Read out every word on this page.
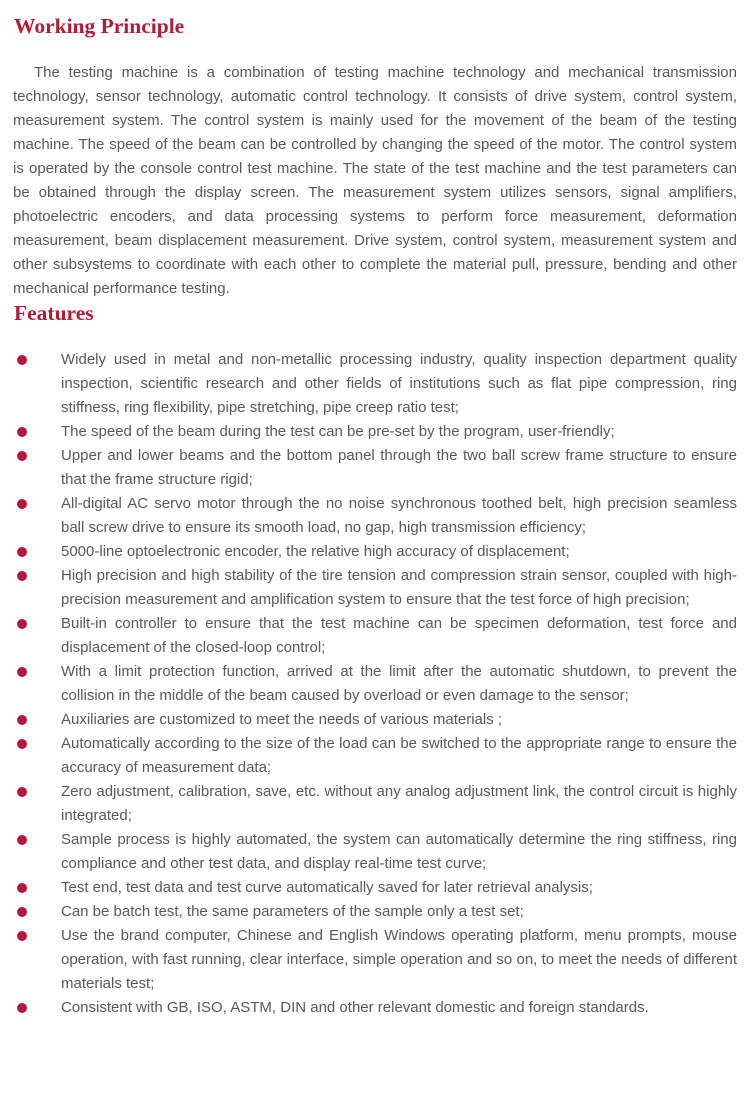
Working Principle

The testing machine is a combination of testing machine technology and mechanical transmission technology, sensor technology, automatic control technology. It consists of drive system, control system, measurement system. The control system is mainly used for the movement of the beam of the testing machine. The speed of the beam can be controlled by changing the speed of the motor. The control system is operated by the console control test machine. The state of the test machine and the test parameters can be obtained through the display screen. The measurement system utilizes sensors, signal amplifiers, photoelectric encoders, and data processing systems to perform force measurement, deformation measurement, beam displacement measurement. Drive system, control system, measurement system and other subsystems to coordinate with each other to complete the material pull, pressure, bending and other mechanical performance testing.

Features
Widely used in metal and non-metallic processing industry, quality inspection department quality inspection, scientific research and other fields of institutions such as flat pipe compression, ring stiffness, ring flexibility, pipe stretching, pipe creep ratio test;
The speed of the beam during the test can be pre-set by the program, user-friendly;
Upper and lower beams and the bottom panel through the two ball screw frame structure to ensure that the frame structure rigid;
All-digital AC servo motor through the no noise synchronous toothed belt, high precision seamless ball screw drive to ensure its smooth load, no gap, high transmission efficiency;
5000-line optoelectronic encoder, the relative high accuracy of displacement;
High precision and high stability of the tire tension and compression strain sensor, coupled with high-precision measurement and amplification system to ensure that the test force of high precision;
Built-in controller to ensure that the test machine can be specimen deformation, test force and displacement of the closed-loop control;
With a limit protection function, arrived at the limit after the automatic shutdown, to prevent the collision in the middle of the beam caused by overload or even damage to the sensor;
Auxiliaries are customized to meet the needs of various materials ;
Automatically according to the size of the load can be switched to the appropriate range to ensure the accuracy of measurement data;
Zero adjustment, calibration, save, etc. without any analog adjustment link, the control circuit is highly integrated;
Sample process is highly automated, the system can automatically determine the ring stiffness, ring compliance and other test data, and display real-time test curve;
Test end, test data and test curve automatically saved for later retrieval analysis;
Can be batch test, the same parameters of the sample only a test set;
Use the brand computer, Chinese and English Windows operating platform, menu prompts, mouse operation, with fast running, clear interface, simple operation and so on, to meet the needs of different materials test;
Consistent with GB, ISO, ASTM, DIN and other relevant domestic and foreign standards.
